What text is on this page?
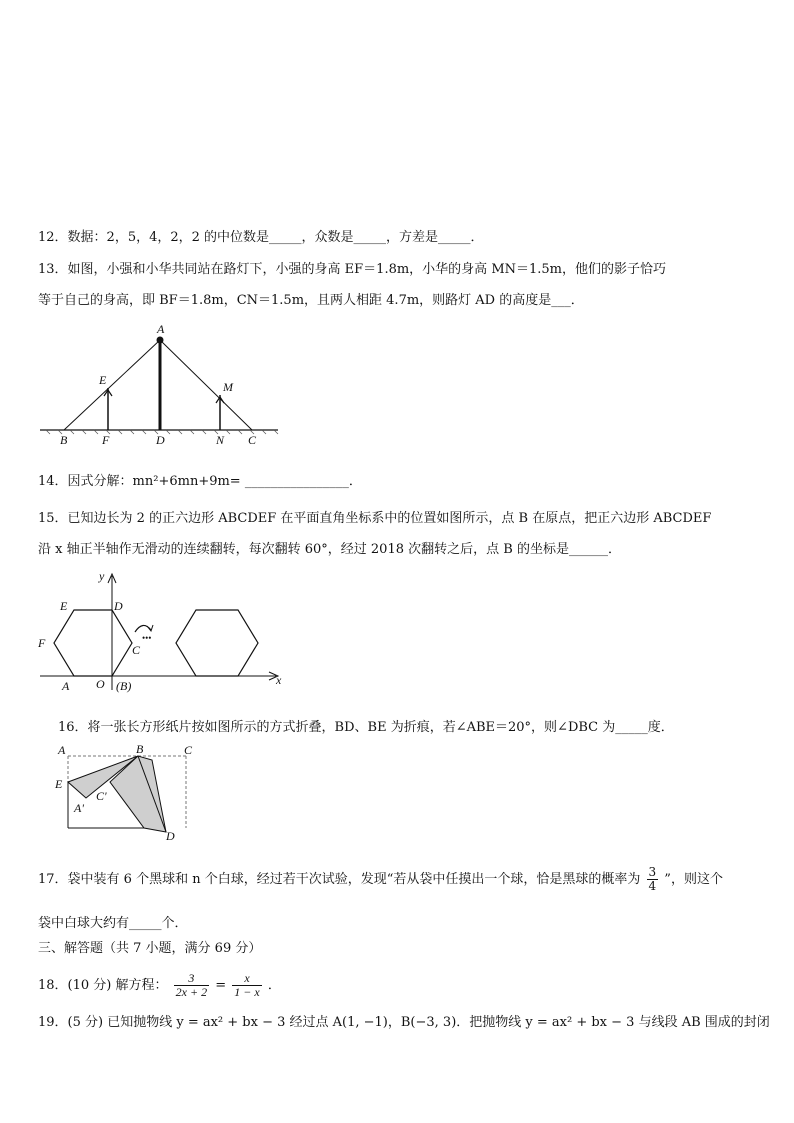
12．数据：2，5，4，2，2 的中位数是_____，众数是_____，方差是_____．
13．如图，小强和小华共同站在路灯下，小强的身高 EF＝1.8m，小华的身高 MN＝1.5m，他们的影子恰巧
等于自己的身高，即 BF＝1.8m，CN＝1.5m，且两人相距 4.7m，则路灯 AD 的高度是___．
A
E	M
B	F	D	N C
14．因式分解：mn²+6mn+9m= ________________．
15．已知边长为 2 的正六边形 ABCDEF 在平面直角坐标系中的位置如图所示，点 B 在原点，把正六边形 ABCDEF
沿 x 轴正半轴作无滑动的连续翻转，每次翻转 60°，经过 2018 次翻转之后，点 B 的坐标是______．
•••
y
x
E	D
F	C
A O (B)
16．将一张长方形纸片按如图所示的方式折叠，BD、BE 为折痕，若∠ABE＝20°，则∠DBC 为_____度．
A	B	C
E
A'
C'
D
17．袋中装有 6 个黑球和 n 个白球，经过若干次试验，发现“若从袋中任摸出一个球，恰是黑球的概率为 $\frac{3}{4}$ ”，则这个
袋中白球大约有_____个．
三、解答题（共 7 小题，满分 69 分）
18．(10 分) 解方程： $\frac{3}{2x + 2} = \frac{x}{1 - x}$ ．
19．(5 分) 已知抛物线 y = ax² + bx − 3 经过点 A(1, −1)，B(−3, 3)．把抛物线 y = ax² + bx − 3 与线段 AB 围成的封闭
